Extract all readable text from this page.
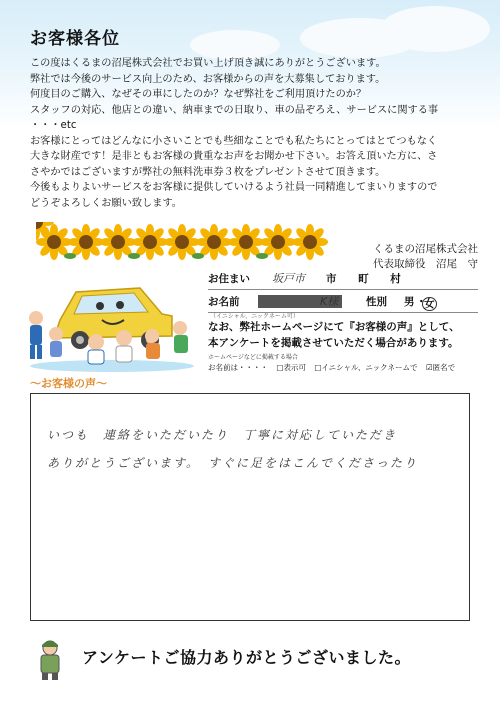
お客様各位
この度はくるまの沼尾株式会社でお買い上げ頂き誠にありがとうございます。
弊社では今後のサービス向上のため、お客様からの声を大募集しております。
何度目のご購入、なぜその車にしたのか？なぜ弊社をご利用頂けたのか？
スタッフの対応、他店との違い、納車までの日取り、車の品ぞろえ、サービスに関する事
・・・etc
お客様にとってはどんなに小さいことでも些細なことでも私たちにとってはとてつもなく
大きな財産です！是非ともお客様の貴重なお声をお聞かせ下さい。お答え頂いた方に、さ
さやかではございますが弊社の無料洗車券３枚をプレゼントさせて頂きます。
今後もよりよいサービスをお客様に提供していけるよう社員一同精進してまいりますので
どうぞよろしくお願い致します。
くるまの沼尾株式会社
代表取締役　沼尾　守
お住まい 坂戸市 市 町 村
お名前	K様	性別 男 ・
女
（イニシャル、ニックネーム可）
なお、弊社ホームページにて『お客様の声』として、
本アンケートを掲載させていただく場合があります。
ホームページなどに掲載する場合
お名前は・・・・ □表示可 □イニシャル、ニックネームで ☑匿名で
～お客様の声～
いつも　連絡をいただいたり　丁寧に対応していただき
ありがとうございます。　すぐに足をはこんでくださったり
アンケートご協力ありがとうございました。
